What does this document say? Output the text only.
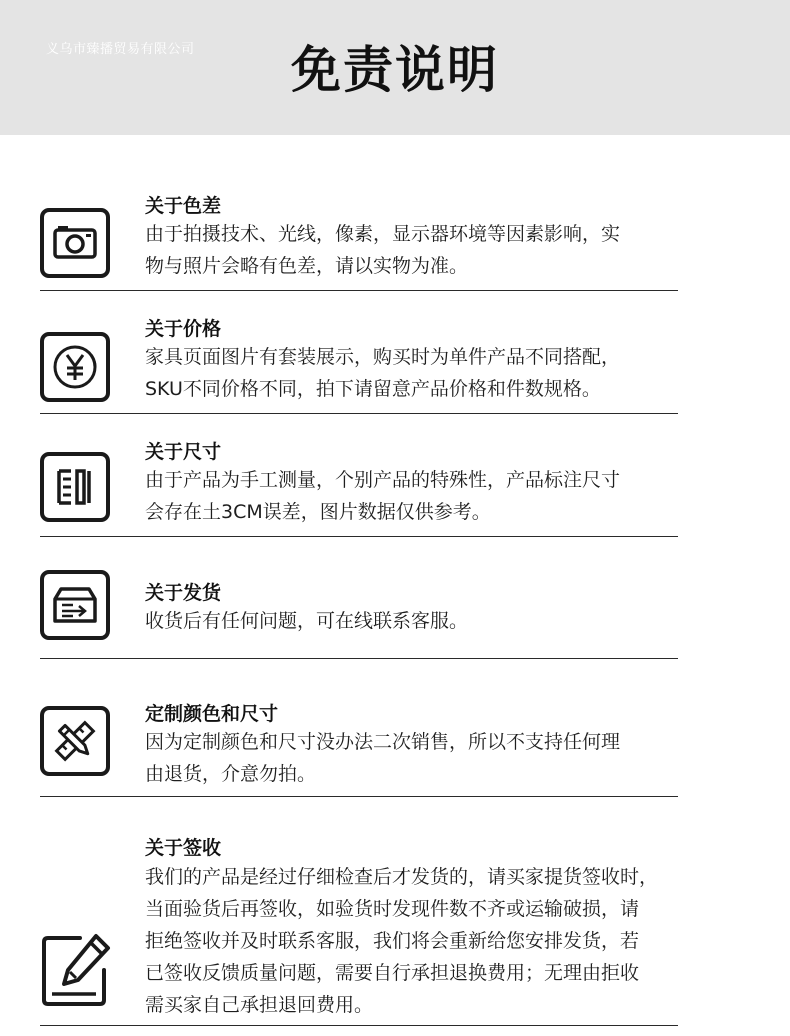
义乌市臻播贸易有限公司	免责说明
关于色差
由于拍摄技术、光线，像素，显示器环境等因素影响，实
物与照片会略有色差，请以实物为准。
关于价格
家具页面图片有套装展示，购买时为单件产品不同搭配，
SKU不同价格不同，拍下请留意产品价格和件数规格。
关于尺寸
由于产品为手工测量，个别产品的特殊性，产品标注尺寸
会存在土3CM误差，图片数据仅供参考。
关于发货
收货后有任何问题，可在线联系客服。
定制颜色和尺寸
因为定制颜色和尺寸没办法二次销售，所以不支持任何理
由退货，介意勿拍。
关于签收
我们的产品是经过仔细检查后才发货的，请买家提货签收时，
当面验货后再签收，如验货时发现件数不齐或运输破损，请
拒绝签收并及时联系客服，我们将会重新给您安排发货，若
已签收反馈质量问题，需要自行承担退换费用；无理由拒收
需买家自己承担退回费用。
